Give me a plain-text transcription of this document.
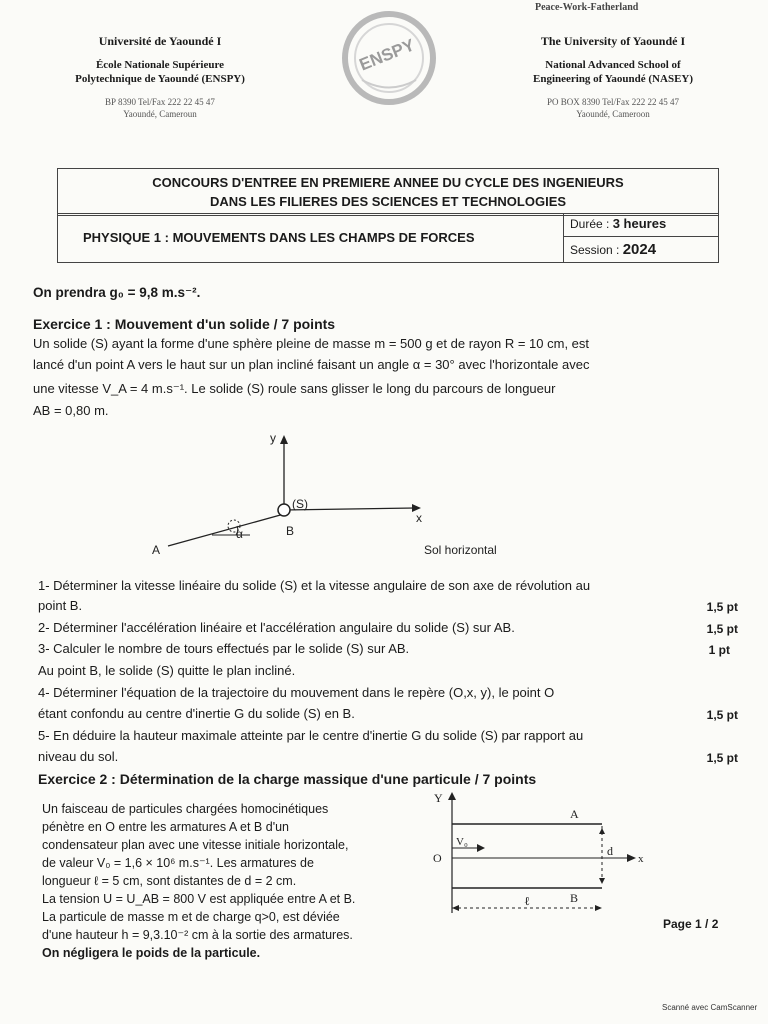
Peace-Work-Fatherland
Université de Yaoundé I
École Nationale Supérieure
Polytechnique de Yaoundé (ENSPY)
BP 8390 Tel/Fax 222 22 45 47
Yaoundé, Cameroun
ENSPY	The University of Yaoundé I
National Advanced School of
Engineering of Yaoundé (NASEY)
PO BOX 8390 Tel/Fax 222 22 45 47
Yaoundé, Cameroon
CONCOURS D'ENTREE EN PREMIERE ANNEE DU CYCLE DES INGENIEURS
DANS LES FILIERES DES SCIENCES ET TECHNOLOGIES
PHYSIQUE 1 : MOUVEMENTS DANS LES CHAMPS DE FORCES
Durée : 3 heures
Session : 2024
On prendra g₀ = 9,8 m.s⁻².
Exercice 1 : Mouvement d'un solide / 7 points
Un solide (S) ayant la forme d'une sphère pleine de masse m = 500 g et de rayon R = 10 cm, est
lancé d'un point A vers le haut sur un plan incliné faisant un angle α = 30° avec l'horizontale avec
une vitesse V_A = 4 m.s⁻¹. Le solide (S) roule sans glisser le long du parcours de longueur
AB = 0,80 m.
y
x
(S)
B
A
α
Sol horizontal
1- Déterminer la vitesse linéaire du solide (S) et la vitesse angulaire de son axe de révolution au
point B.	1,5 pt
2- Déterminer l'accélération linéaire et l'accélération angulaire du solide (S) sur AB.	1,5 pt
3- Calculer le nombre de tours effectués par le solide (S) sur AB.	1 pt
Au point B, le solide (S) quitte le plan incliné.
4- Déterminer l'équation de la trajectoire du mouvement dans le repère (O,x, y), le point O
étant confondu au centre d'inertie G du solide (S) en B.	1,5 pt
5- En déduire la hauteur maximale atteinte par le centre d'inertie G du solide (S) par rapport au
niveau du sol.	1,5 pt
Exercice 2 : Détermination de la charge massique d'une particule / 7 points
Un faisceau de particules chargées homocinétiques
pénètre en O entre les armatures A et B d'un
condensateur plan avec une vitesse initiale horizontale,
de valeur V₀ = 1,6 × 10⁶ m.s⁻¹. Les armatures de
longueur ℓ = 5 cm, sont distantes de d = 2 cm.
La tension U = U_AB = 800 V est appliquée entre A et B.
La particule de masse m et de charge q>0, est déviée
d'une hauteur h = 9,3.10⁻² cm à la sortie des armatures.
On négligera le poids de la particule.
Y
A
B
O
V₀
d
x
ℓ
Page 1 / 2
Scanné avec CamScanner
